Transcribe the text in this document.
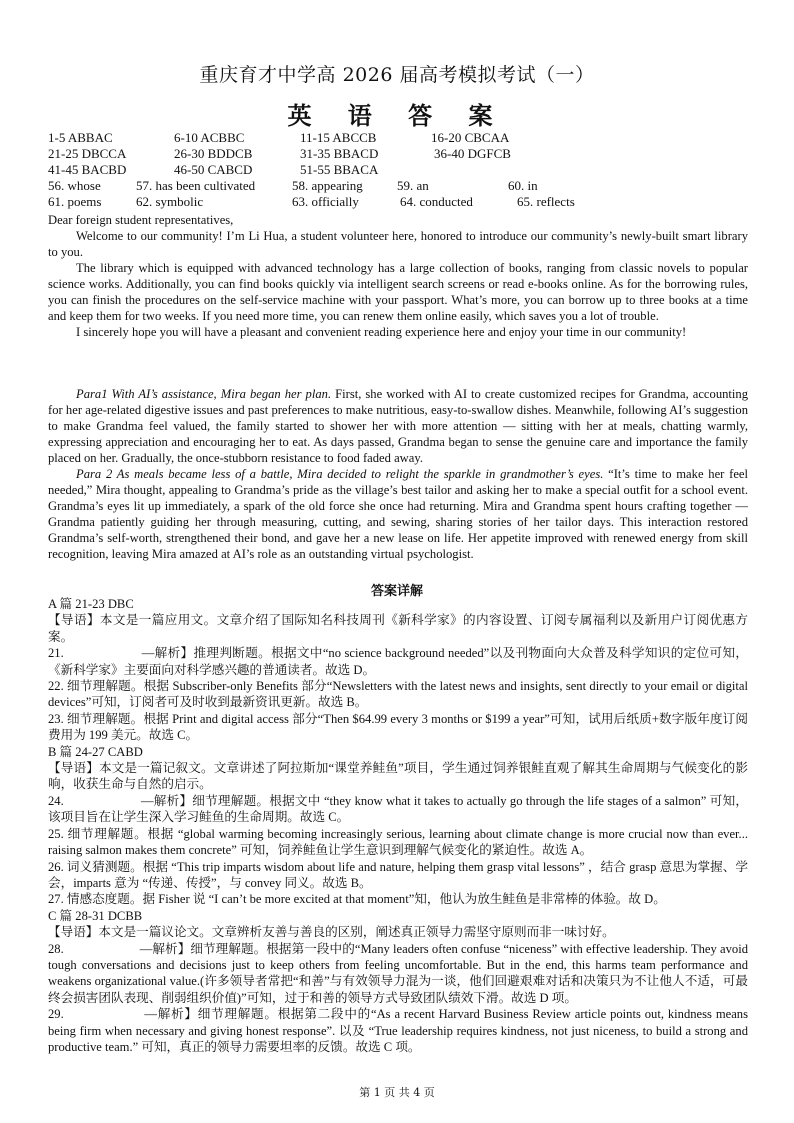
重庆育才中学高 2026 届高考模拟考试（一）
英 语 答 案
1-5 ABBAC	6-10 ACBBC	11-15 ABCCB	16-20 CBCAA
21-25 DBCCA	26-30 BDDCB	31-35 BBACD	36-40 DGFCB
41-45 BACBD	46-50 CABCD	51-55 BBACA
56. whose	57. has been cultivated	58. appearing	59. an	60. in
61. poems	62. symbolic	63. officially	64. conducted	65. reflects

Dear foreign student representatives,

Welcome to our community! I’m Li Hua, a student volunteer here, honored to introduce our community’s newly-built smart library to you.

The library which is equipped with advanced technology has a large collection of books, ranging from classic novels to popular science works. Additionally, you can find books quickly via intelligent search screens or read e-books online. As for the borrowing rules, you can finish the procedures on the self-service machine with your passport. What’s more, you can borrow up to three books at a time and keep them for two weeks. If you need more time, you can renew them online easily, which saves you a lot of trouble.

I sincerely hope you will have a pleasant and convenient reading experience here and enjoy your time in our community!

Para1 With AI’s assistance, Mira began her plan. First, she worked with AI to create customized recipes for Grandma, accounting for her age-related digestive issues and past preferences to make nutritious, easy-to-swallow dishes. Meanwhile, following AI’s suggestion to make Grandma feel valued, the family started to shower her with more attention — sitting with her at meals, chatting warmly, expressing appreciation and encouraging her to eat. As days passed, Grandma began to sense the genuine care and importance the family placed on her. Gradually, the once-stubborn resistance to food faded away.

Para 2 As meals became less of a battle, Mira decided to relight the sparkle in grandmother’s eyes. “It’s time to make her feel needed,” Mira thought, appealing to Grandma’s pride as the village’s best tailor and asking her to make a special outfit for a school event. Grandma’s eyes lit up immediately, a spark of the old force she once had returning. Mira and Grandma spent hours crafting together — Grandma patiently guiding her through measuring, cutting, and sewing, sharing stories of her tailor days. This interaction restored Grandma’s self-worth, strengthened their bond, and gave her a new lease on life. Her appetite improved with renewed energy from skill recognition, leaving Mira amazed at AI’s role as an outstanding virtual psychologist.

答案详解

A 篇 21-23 DBC

【导语】本文是一篇应用文。文章介绍了国际知名科技周刊《新科学家》的内容设置、订阅专属福利以及新用户订阅优惠方案。

21.　　　　　　—解析】推理判断题。根据文中“no science background needed”以及刊物面向大众普及科学知识的定位可知，《新科学家》主要面向对科学感兴趣的普通读者。故选 D。

22. 细节理解题。根据 Subscriber-only Benefits 部分“Newsletters with the latest news and insights, sent directly to your email or digital devices”可知，订阅者可及时收到最新资讯更新。故选 B。

23. 细节理解题。根据 Print and digital access 部分“Then $64.99 every 3 months or $199 a year”可知，试用后纸质+数字版年度订阅费用为 199 美元。故选 C。

B 篇 24-27 CABD

【导语】本文是一篇记叙文。文章讲述了阿拉斯加“课堂养鲑鱼”项目，学生通过饲养银鲑直观了解其生命周期与气候变化的影响，收获生命与自然的启示。

24.　　　　　　—解析】细节理解题。根据文中 “they know what it takes to actually go through the life stages of a salmon” 可知，该项目旨在让学生深入学习鲑鱼的生命周期。故选 C。

25. 细节理解题。根据 “global warming becoming increasingly serious, learning about climate change is more crucial now than ever... raising salmon makes them concrete” 可知，饲养鲑鱼让学生意识到理解气候变化的紧迫性。故选 A。

26. 词义猜测题。根据 “This trip imparts wisdom about life and nature, helping them grasp vital lessons” ，结合 grasp 意思为掌握、学会，imparts 意为 “传递、传授”，与 convey 同义。故选 B。

27. 情感态度题。据 Fisher 说 “I can’t be more excited at that moment”知，他认为放生鲑鱼是非常棒的体验。故 D。

C 篇 28-31 DCBB

【导语】本文是一篇议论文。文章辨析友善与善良的区别，阐述真正领导力需坚守原则而非一味讨好。

28.　　　　　　—解析】细节理解题。根据第一段中的“Many leaders often confuse “niceness” with effective leadership. They avoid tough conversations and decisions just to keep others from feeling uncomfortable. But in the end, this harms team performance and weakens organizational value.(许多领导者常把“和善”与有效领导力混为一谈，他们回避艰难对话和决策只为不让他人不适，可最终会损害团队表现、削弱组织价值)”可知，过于和善的领导方式导致团队绩效下滑。故选 D 项。

29.　　　　　　—解析】细节理解题。根据第二段中的“As a recent Harvard Business Review article points out, kindness means being firm when necessary and giving honest response”. 以及 “True leadership requires kindness, not just niceness, to build a strong and productive team.” 可知，真正的领导力需要坦率的反馈。故选 C 项。

第 1 页 共 4 页
